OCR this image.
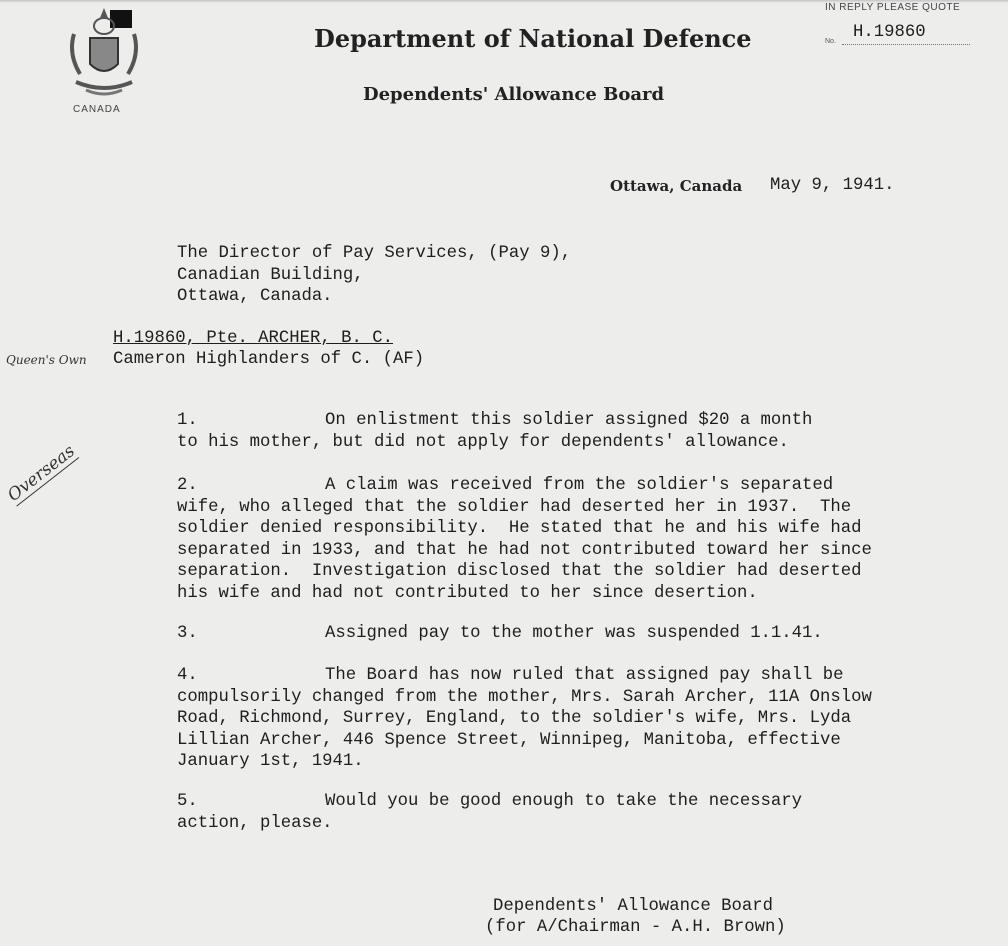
CANADA
Department of National Defence
Dependents' Allowance Board
IN REPLY PLEASE QUOTE
No. H.19860
Ottawa, Canada May 9, 1941.
The Director of Pay Services, (Pay 9),
Canadian Building,
Ottawa, Canada.
H.19860, Pte. ARCHER, B. C.
Cameron Highlanders of C. (AF)
Queen's Own
Overseas
1.	On enlistment this soldier assigned $20 a month
to his mother, but did not apply for dependents' allowance.
2.	A claim was received from the soldier's separated
wife, who alleged that the soldier had deserted her in 1937.  The
soldier denied responsibility.  He stated that he and his wife had
separated in 1933, and that he had not contributed toward her since
separation.  Investigation disclosed that the soldier had deserted
his wife and had not contributed to her since desertion.
3.	Assigned pay to the mother was suspended 1.1.41.
4.	The Board has now ruled that assigned pay shall be
compulsorily changed from the mother, Mrs. Sarah Archer, 11A Onslow
Road, Richmond, Surrey, England, to the soldier's wife, Mrs. Lyda
Lillian Archer, 446 Spence Street, Winnipeg, Manitoba, effective
January 1st, 1941.
5.	Would you be good enough to take the necessary
action, please.
Dependents' Allowance Board
(for A/Chairman - A.H. Brown)
